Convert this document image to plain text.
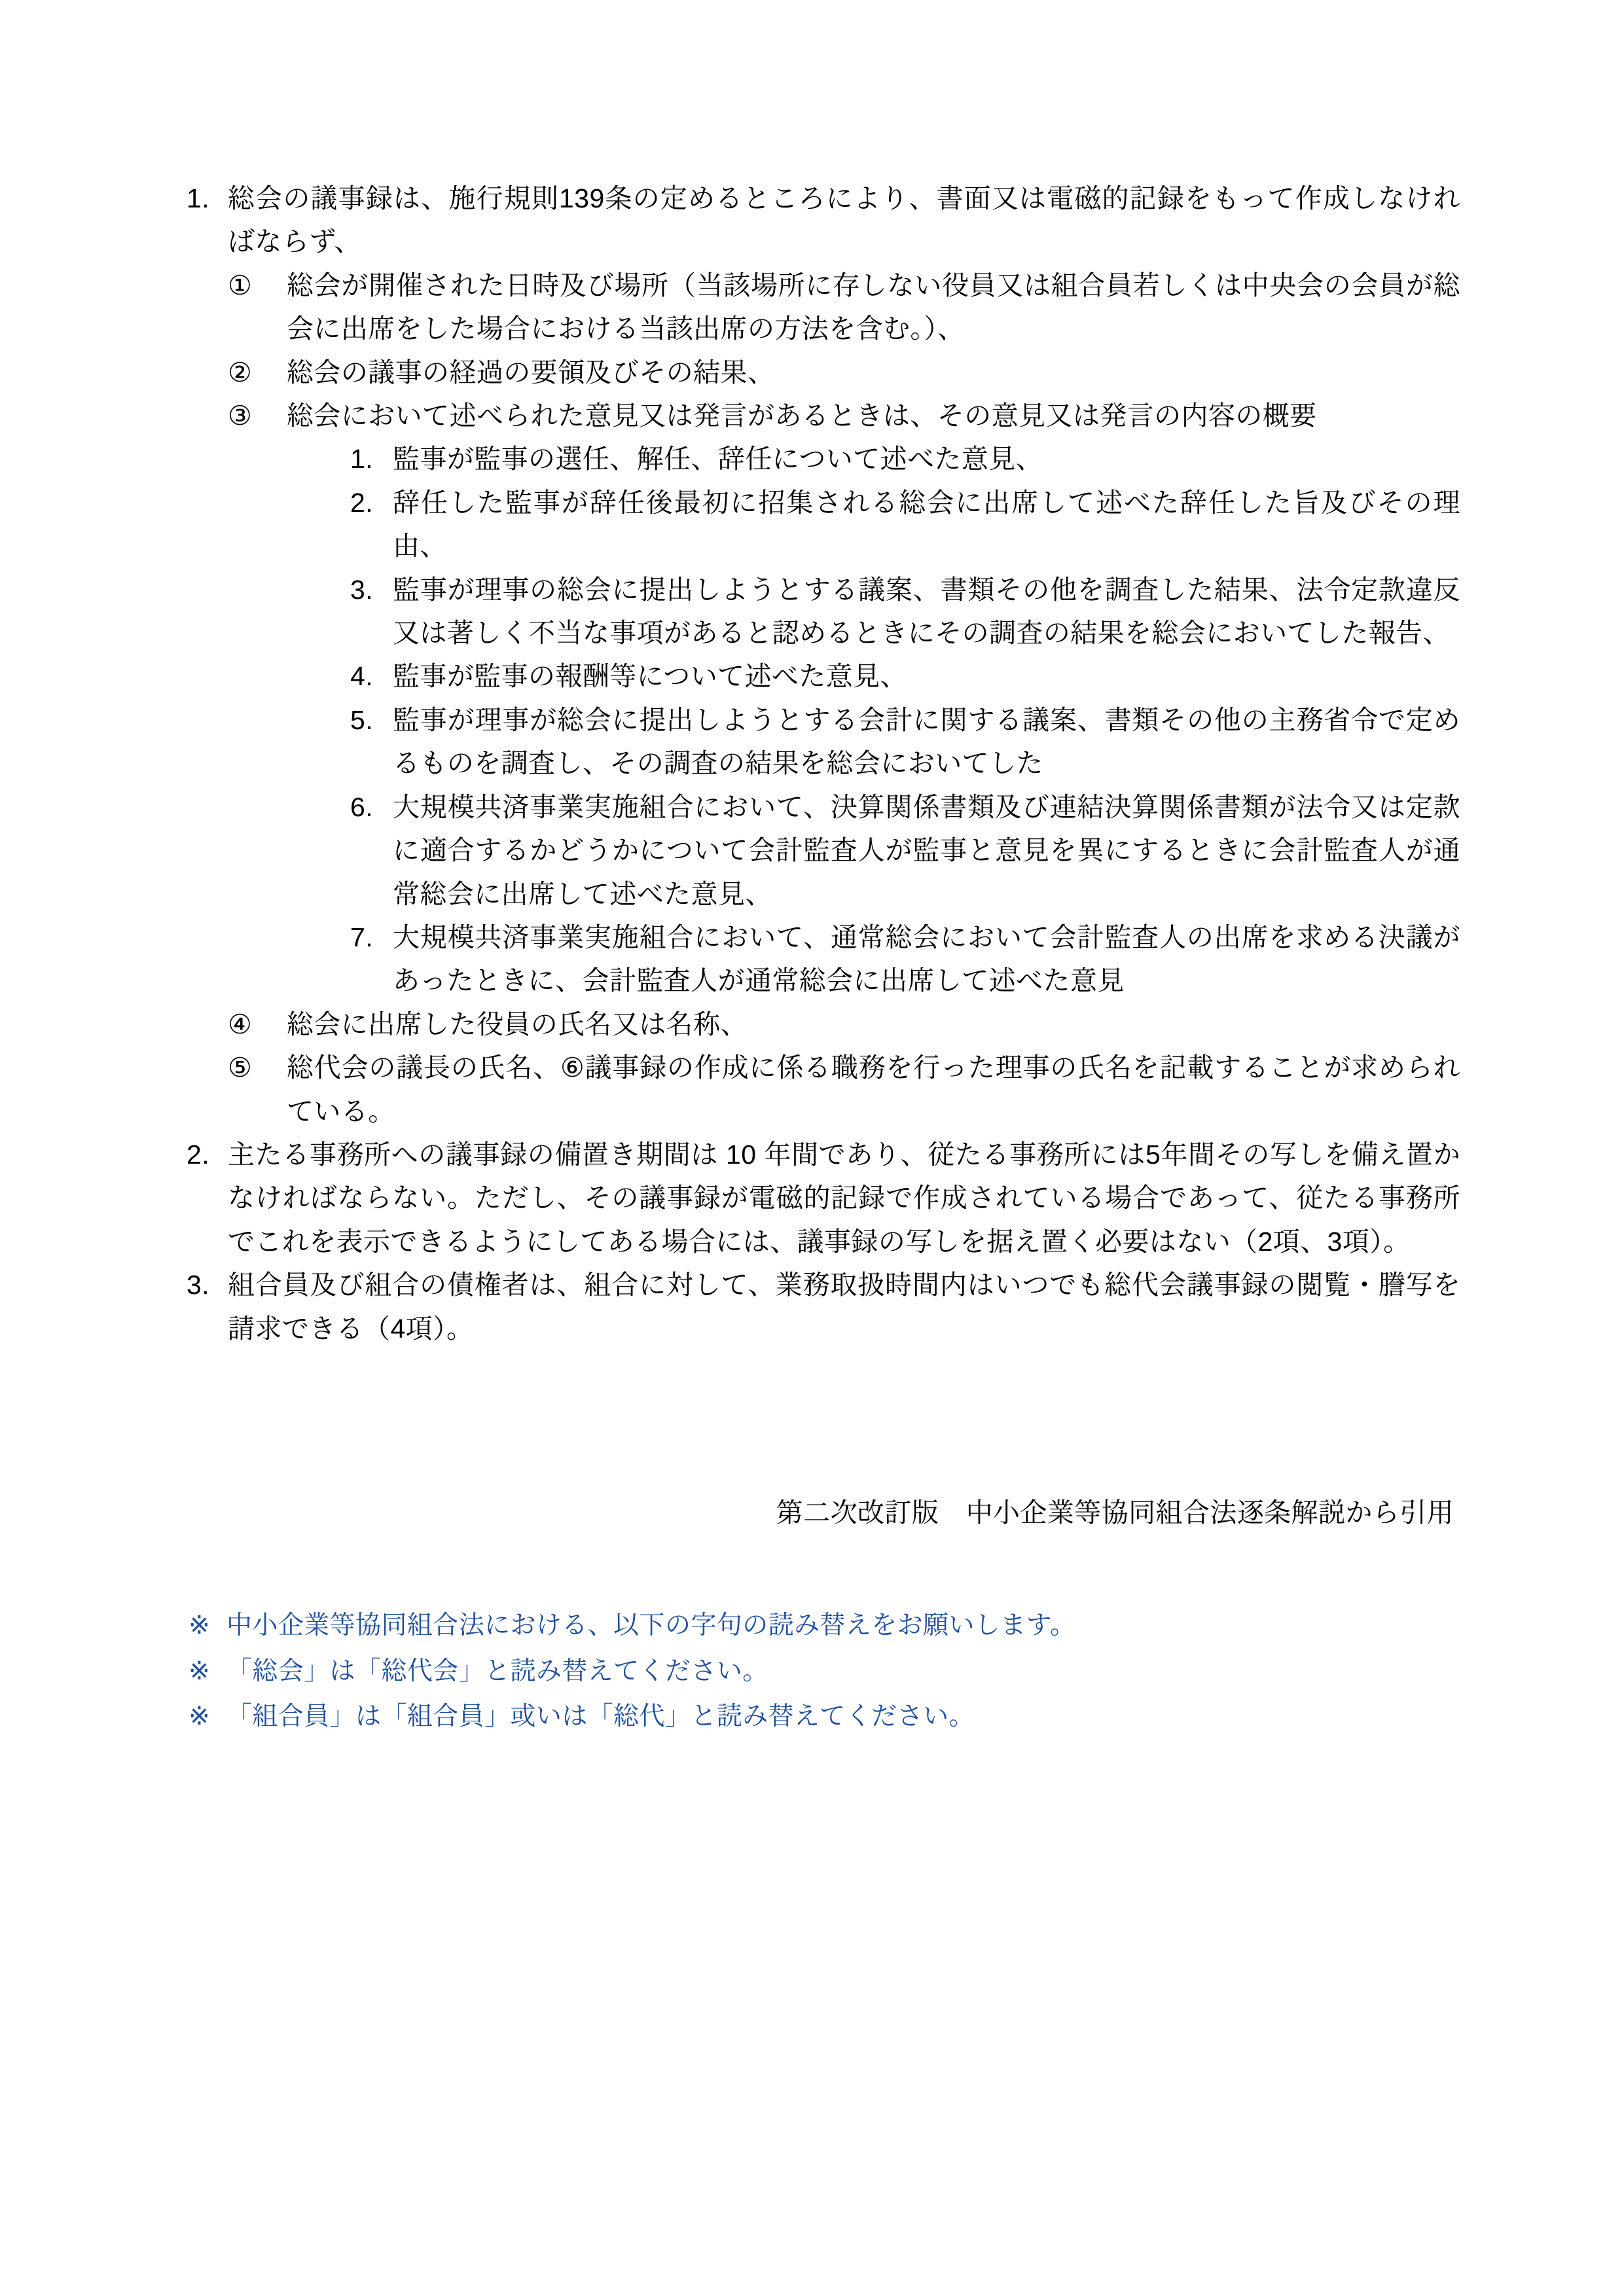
1. 総会の議事録は、施行規則139条の定めるところにより、書面又は電磁的記録をもって作成しなければならず、
①	総会が開催された日時及び場所（当該場所に存しない役員又は組合員若しくは中央会の会員が総会に出席をした場合における当該出席の方法を含む。）、
②	総会の議事の経過の要領及びその結果、
③	総会において述べられた意見又は発言があるときは、その意見又は発言の内容の概要
1. 監事が監事の選任、解任、辞任について述べた意見、
2. 辞任した監事が辞任後最初に招集される総会に出席して述べた辞任した旨及びその理由、
3. 監事が理事の総会に提出しようとする議案、書類その他を調査した結果、法令定款違反又は著しく不当な事項があると認めるときにその調査の結果を総会においてした報告、
4. 監事が監事の報酬等について述べた意見、
5. 監事が理事が総会に提出しようとする会計に関する議案、書類その他の主務省令で定めるものを調査し、その調査の結果を総会においてした
6. 大規模共済事業実施組合において、決算関係書類及び連結決算関係書類が法令又は定款に適合するかどうかについて会計監査人が監事と意見を異にするときに会計監査人が通常総会に出席して述べた意見、
7. 大規模共済事業実施組合において、通常総会において会計監査人の出席を求める決議があったときに、会計監査人が通常総会に出席して述べた意見
④	総会に出席した役員の氏名又は名称、
⑤	総代会の議長の氏名、⑥議事録の作成に係る職務を行った理事の氏名を記載することが求められている。
2. 主たる事務所への議事録の備置き期間は 10 年間であり、従たる事務所には5年間その写しを備え置かなければならない。ただし、その議事録が電磁的記録で作成されている場合であって、従たる事務所でこれを表示できるようにしてある場合には、議事録の写しを据え置く必要はない（2項、3項）。
3. 組合員及び組合の債権者は、組合に対して、業務取扱時間内はいつでも総代会議事録の閲覧・謄写を請求できる（4項）。
第二次改訂版　中小企業等協同組合法逐条解説から引用
※ 中小企業等協同組合法における、以下の字句の読み替えをお願いします。
※ 「総会」は「総代会」と読み替えてください。
※ 「組合員」は「組合員」或いは「総代」と読み替えてください。
